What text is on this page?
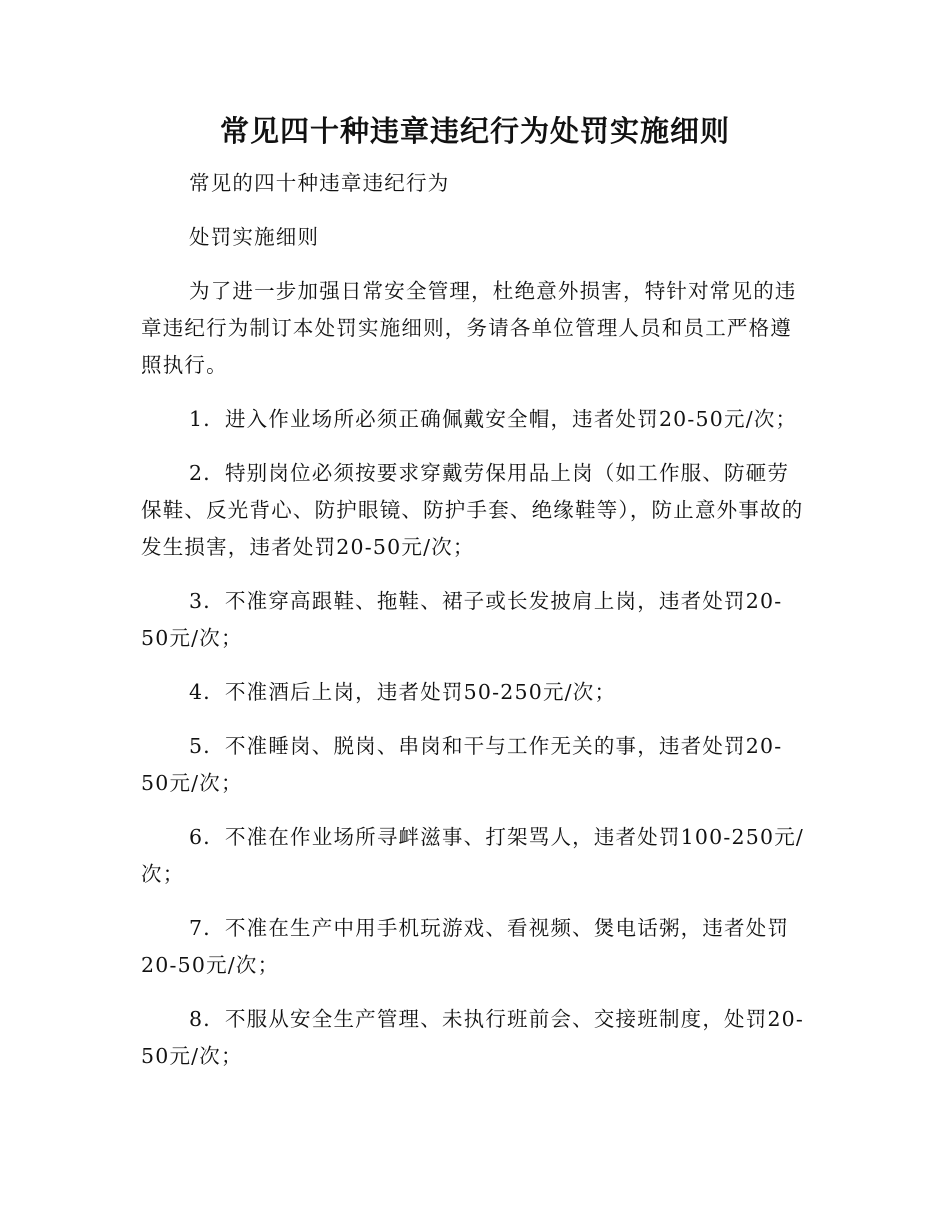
常见四十种违章违纪行为处罚实施细则

常见的四十种违章违纪行为

处罚实施细则

为了进一步加强日常安全管理，杜绝意外损害，特针对常见的违章违纪行为制订本处罚实施细则，务请各单位管理人员和员工严格遵照执行。

1．进入作业场所必须正确佩戴安全帽，违者处罚20-50元/次；

2．特别岗位必须按要求穿戴劳保用品上岗（如工作服、防砸劳保鞋、反光背心、防护眼镜、防护手套、绝缘鞋等），防止意外事故的发生损害，违者处罚20-50元/次；

3．不准穿高跟鞋、拖鞋、裙子或长发披肩上岗，违者处罚20-50元/次；

4．不准酒后上岗，违者处罚50-250元/次；

5．不准睡岗、脱岗、串岗和干与工作无关的事，违者处罚20-50元/次；

6．不准在作业场所寻衅滋事、打架骂人，违者处罚100-250元/次；

7．不准在生产中用手机玩游戏、看视频、煲电话粥，违者处罚20-50元/次；

8．不服从安全生产管理、未执行班前会、交接班制度，处罚20-50元/次；
